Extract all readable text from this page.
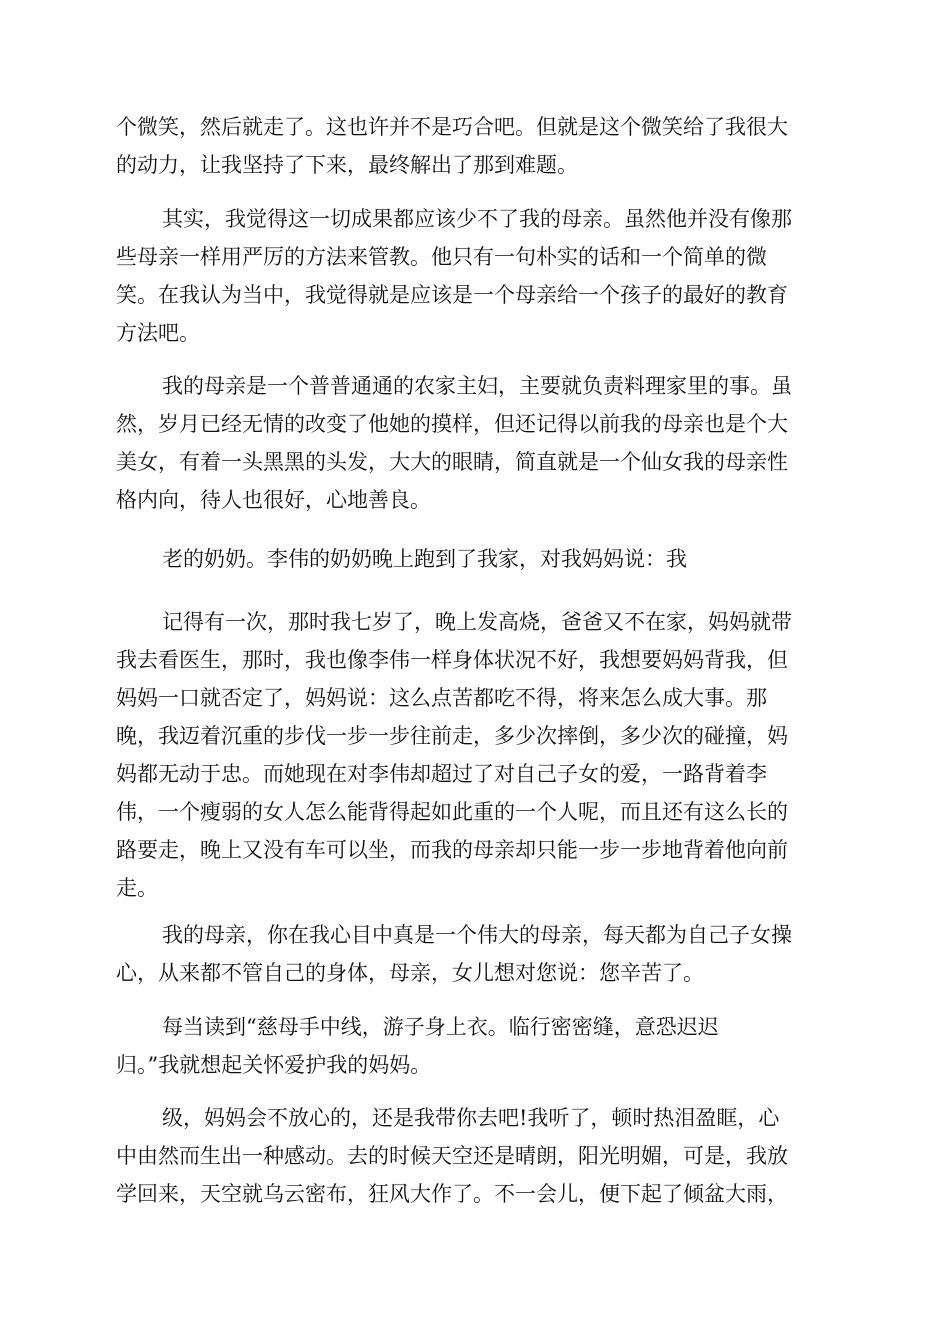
个微笑，然后就走了。这也许并不是巧合吧。但就是这个微笑给了我很大
的动力，让我坚持了下来，最终解出了那到难题。
其实，我觉得这一切成果都应该少不了我的母亲。虽然他并没有像那
些母亲一样用严厉的方法来管教。他只有一句朴实的话和一个简单的微
笑。在我认为当中，我觉得就是应该是一个母亲给一个孩子的最好的教育
方法吧。
我的母亲是一个普普通通的农家主妇，主要就负责料理家里的事。虽
然，岁月已经无情的改变了他她的摸样，但还记得以前我的母亲也是个大
美女，有着一头黑黑的头发，大大的眼睛，简直就是一个仙女我的母亲性
格内向，待人也很好，心地善良。
老的奶奶。李伟的奶奶晚上跑到了我家，对我妈妈说：我
记得有一次，那时我七岁了，晚上发高烧，爸爸又不在家，妈妈就带
我去看医生，那时，我也像李伟一样身体状况不好，我想要妈妈背我，但
妈妈一口就否定了，妈妈说：这么点苦都吃不得，将来怎么成大事。那
晚，我迈着沉重的步伐一步一步往前走，多少次摔倒，多少次的碰撞，妈
妈都无动于忠。而她现在对李伟却超过了对自己子女的爱，一路背着李
伟，一个瘦弱的女人怎么能背得起如此重的一个人呢，而且还有这么长的
路要走，晚上又没有车可以坐，而我的母亲却只能一步一步地背着他向前
走。
我的母亲，你在我心目中真是一个伟大的母亲，每天都为自己子女操
心，从来都不管自己的身体，母亲，女儿想对您说：您辛苦了。
每当读到“慈母手中线，游子身上衣。临行密密缝，意恐迟迟
归。”我就想起关怀爱护我的妈妈。
级，妈妈会不放心的，还是我带你去吧!我听了，顿时热泪盈眶，心
中由然而生出一种感动。去的时候天空还是晴朗，阳光明媚，可是，我放
学回来，天空就乌云密布，狂风大作了。不一会儿，便下起了倾盆大雨，
